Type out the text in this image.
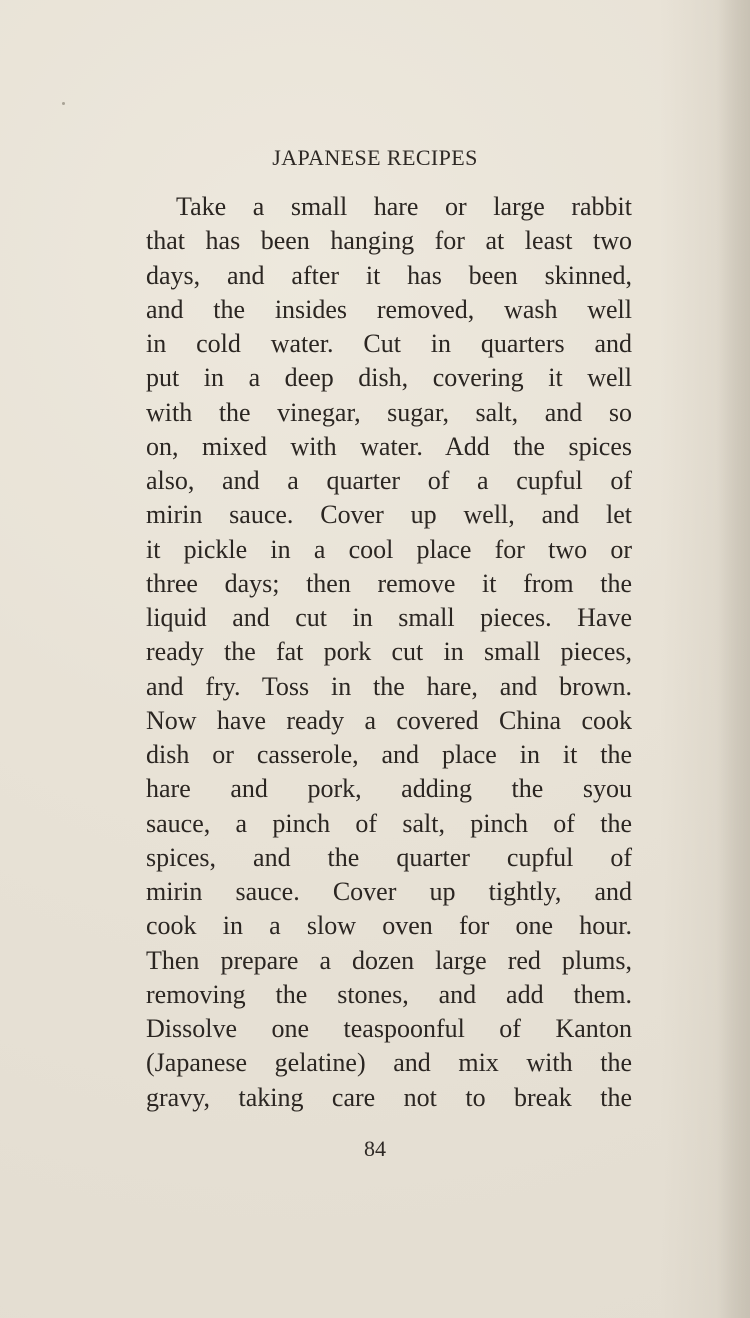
JAPANESE RECIPES
Take a small hare or large rabbit
that has been hanging for at least two
days, and after it has been skinned,
and the insides removed, wash well
in cold water. Cut in quarters and
put in a deep dish, covering it well
with the vinegar, sugar, salt, and so
on, mixed with water. Add the spices
also, and a quarter of a cupful of
mirin sauce. Cover up well, and let
it pickle in a cool place for two or
three days; then remove it from the
liquid and cut in small pieces. Have
ready the fat pork cut in small pieces,
and fry. Toss in the hare, and brown.
Now have ready a covered China cook
dish or casserole, and place in it the
hare and pork, adding the syou
sauce, a pinch of salt, pinch of the
spices, and the quarter cupful of
mirin sauce. Cover up tightly, and
cook in a slow oven for one hour.
Then prepare a dozen large red plums,
removing the stones, and add them.
Dissolve one teaspoonful of Kanton
(Japanese gelatine) and mix with the
gravy, taking care not to break the
84
